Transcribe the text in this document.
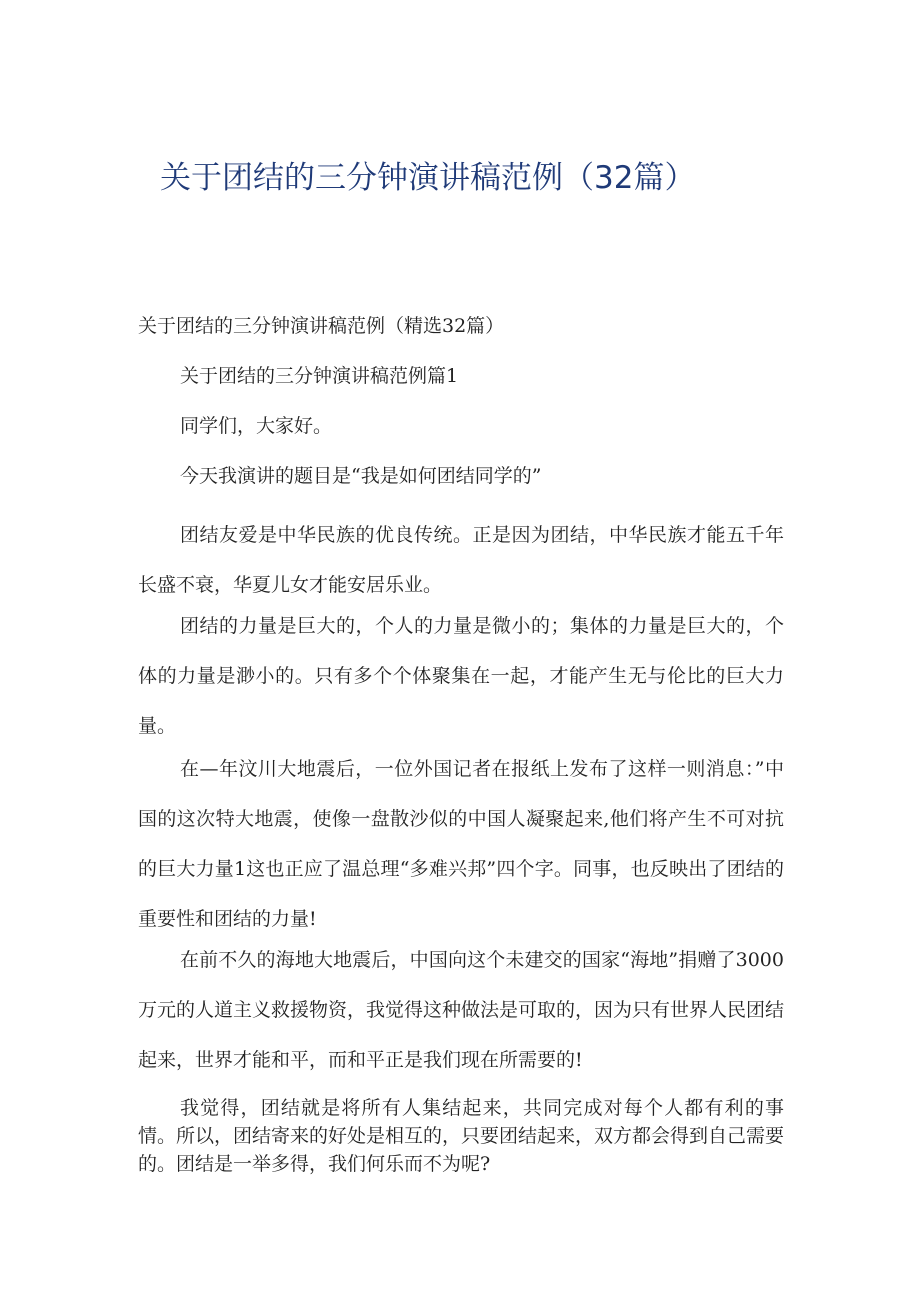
关于团结的三分钟演讲稿范例（32篇）
关于团结的三分钟演讲稿范例（精选32篇）
关于团结的三分钟演讲稿范例篇1
同学们，大家好。
今天我演讲的题目是“我是如何团结同学的”
团结友爱是中华民族的优良传统。正是因为团结，中华民族才能五千年长盛不衰，华夏儿女才能安居乐业。
团结的力量是巨大的，个人的力量是微小的；集体的力量是巨大的，个体的力量是渺小的。只有多个个体聚集在一起，才能产生无与伦比的巨大力量。
在—年汶川大地震后，一位外国记者在报纸上发布了这样一则消息：”中国的这次特大地震，使像一盘散沙似的中国人凝聚起来,他们将产生不可对抗的巨大力量1这也正应了温总理“多难兴邦”四个字。同事，也反映出了团结的重要性和团结的力量!
在前不久的海地大地震后，中国向这个未建交的国家“海地”捐赠了3000万元的人道主义救援物资，我觉得这种做法是可取的，因为只有世界人民团结起来，世界才能和平，而和平正是我们现在所需要的!
我觉得，团结就是将所有人集结起来，共同完成对每个人都有利的事情。所以，团结寄来的好处是相互的，只要团结起来，双方都会得到自己需要的。团结是一举多得，我们何乐而不为呢?
